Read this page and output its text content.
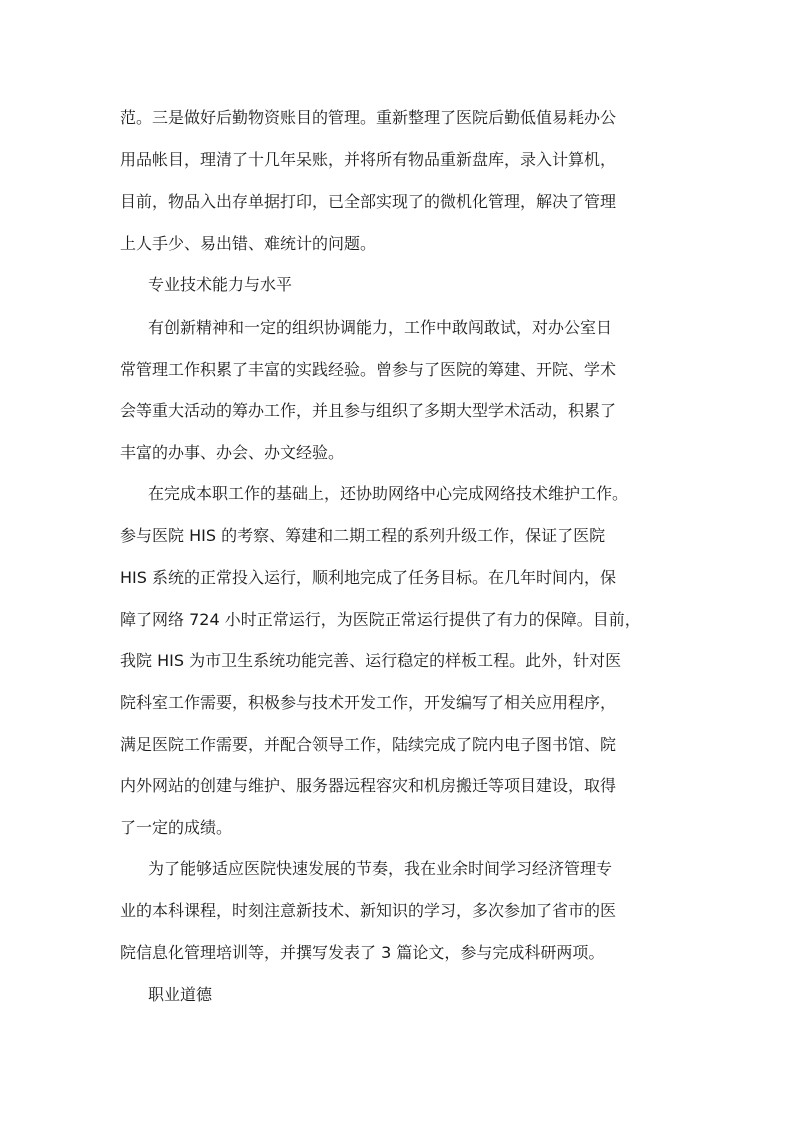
范。三是做好后勤物资账目的管理。重新整理了医院后勤低值易耗办公
用品帐目，理清了十几年呆账，并将所有物品重新盘库，录入计算机，
目前，物品入出存单据打印，已全部实现了的微机化管理，解决了管理
上人手少、易出错、难统计的问题。
专业技术能力与水平
有创新精神和一定的组织协调能力，工作中敢闯敢试，对办公室日
常管理工作积累了丰富的实践经验。曾参与了医院的筹建、开院、学术
会等重大活动的筹办工作，并且参与组织了多期大型学术活动，积累了
丰富的办事、办会、办文经验。
在完成本职工作的基础上，还协助网络中心完成网络技术维护工作。
参与医院 HIS 的考察、筹建和二期工程的系列升级工作，保证了医院
HIS 系统的正常投入运行，顺利地完成了任务目标。在几年时间内，保
障了网络 724 小时正常运行，为医院正常运行提供了有力的保障。目前，
我院 HIS 为市卫生系统功能完善、运行稳定的样板工程。此外，针对医
院科室工作需要，积极参与技术开发工作，开发编写了相关应用程序，
满足医院工作需要，并配合领导工作，陆续完成了院内电子图书馆、院
内外网站的创建与维护、服务器远程容灾和机房搬迁等项目建设，取得
了一定的成绩。
为了能够适应医院快速发展的节奏，我在业余时间学习经济管理专
业的本科课程，时刻注意新技术、新知识的学习，多次参加了省市的医
院信息化管理培训等，并撰写发表了 3 篇论文，参与完成科研两项。
职业道德
